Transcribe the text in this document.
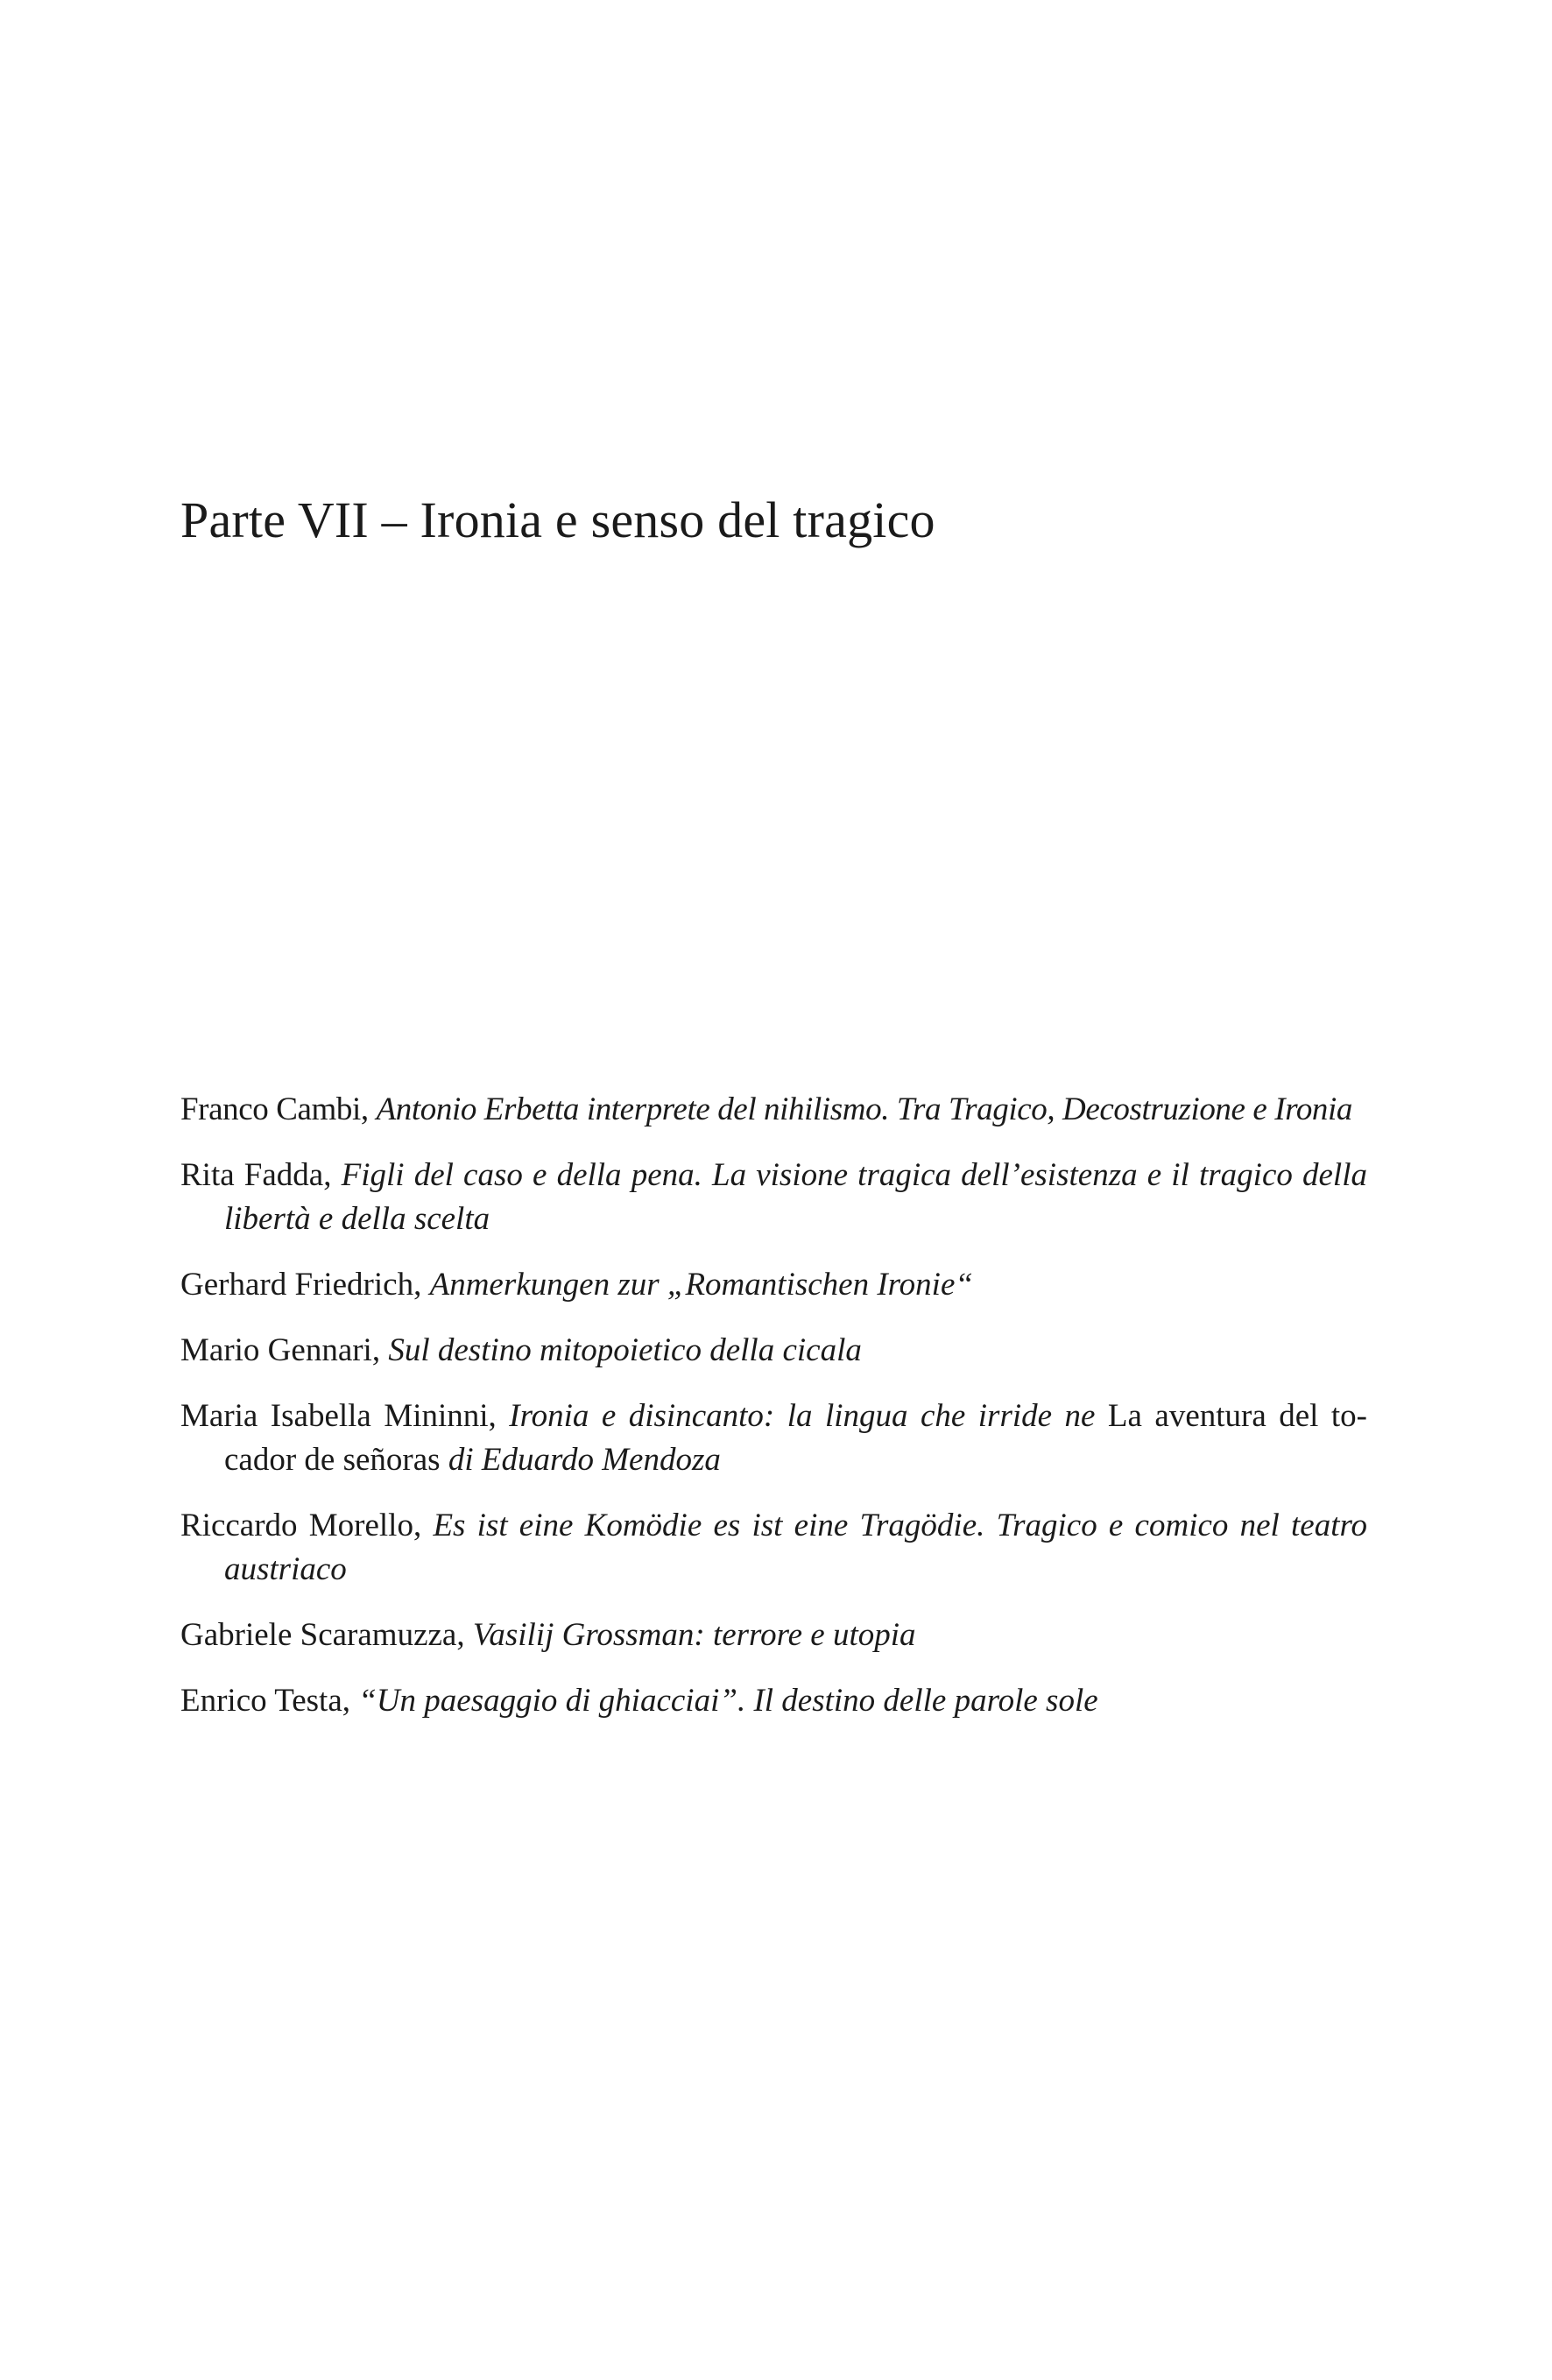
Parte VII – Ironia e senso del tragico
Franco Cambi, Antonio Erbetta interprete del nihilismo. Tra Tragico, Decostruzione e Ironia
Rita Fadda, Figli del caso e della pena. La visione tragica dell’esistenza e il tragico della libertà e della scelta
Gerhard Friedrich, Anmerkungen zur „Romantischen Ironie“
Mario Gennari, Sul destino mitopoietico della cicala
Maria Isabella Mininni, Ironia e disincanto: la lingua che irride ne La aventura del to-cador de señoras di Eduardo Mendoza
Riccardo Morello, Es ist eine Komödie es ist eine Tragödie. Tragico e comico nel teatro austriaco
Gabriele Scaramuzza, Vasilij Grossman: terrore e utopia
Enrico Testa, “Un paesaggio di ghiacciai”. Il destino delle parole sole
